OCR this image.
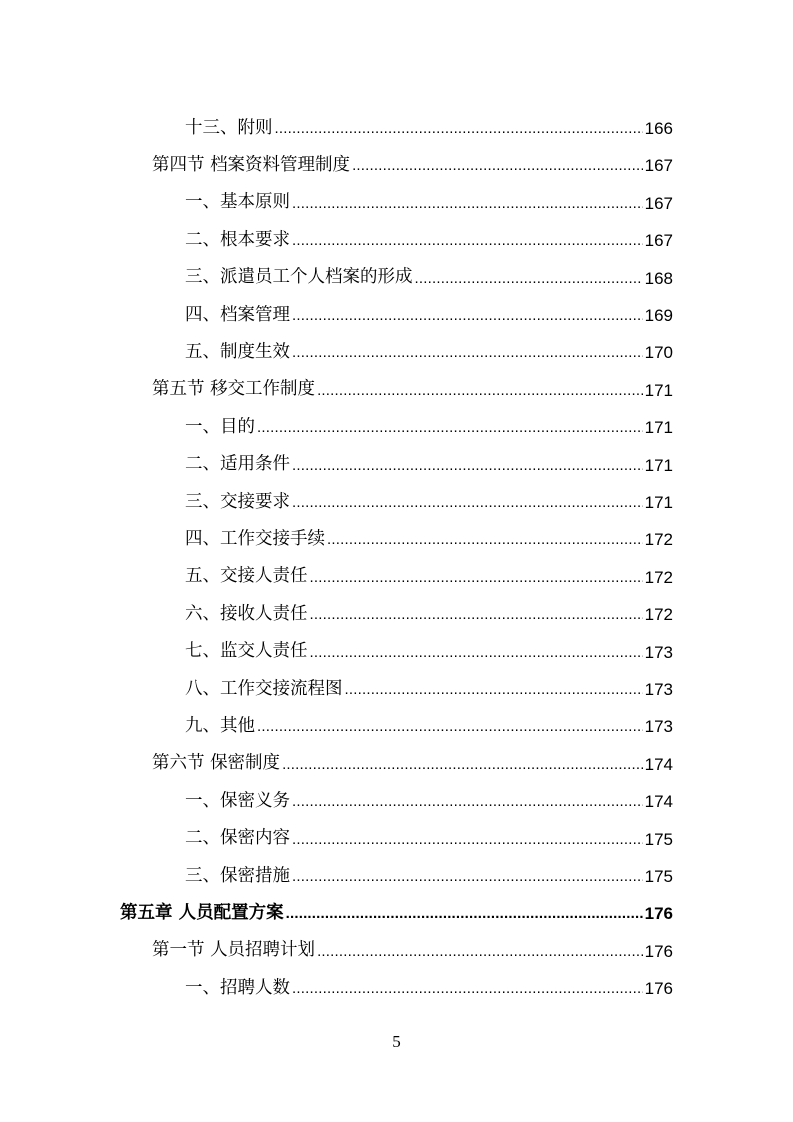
十三、附则 .....	166
第四节 档案资料管理制度 .....	167
一、基本原则 .....	167
二、根本要求 .....	167
三、派遣员工个人档案的形成 .....	168
四、档案管理 .....	169
五、制度生效 .....	170
第五节 移交工作制度 .....	171
一、目的 .....	171
二、适用条件 .....	171
三、交接要求 .....	171
四、工作交接手续 .....	172
五、交接人责任 .....	172
六、接收人责任 .....	172
七、监交人责任 .....	173
八、工作交接流程图 .....	173
九、其他 .....	173
第六节 保密制度 .....	174
一、保密义务 .....	174
二、保密内容 .....	175
三、保密措施 .....	175
第五章 人员配置方案 .....	176
第一节 人员招聘计划 .....	176
一、招聘人数 .....	176
5
